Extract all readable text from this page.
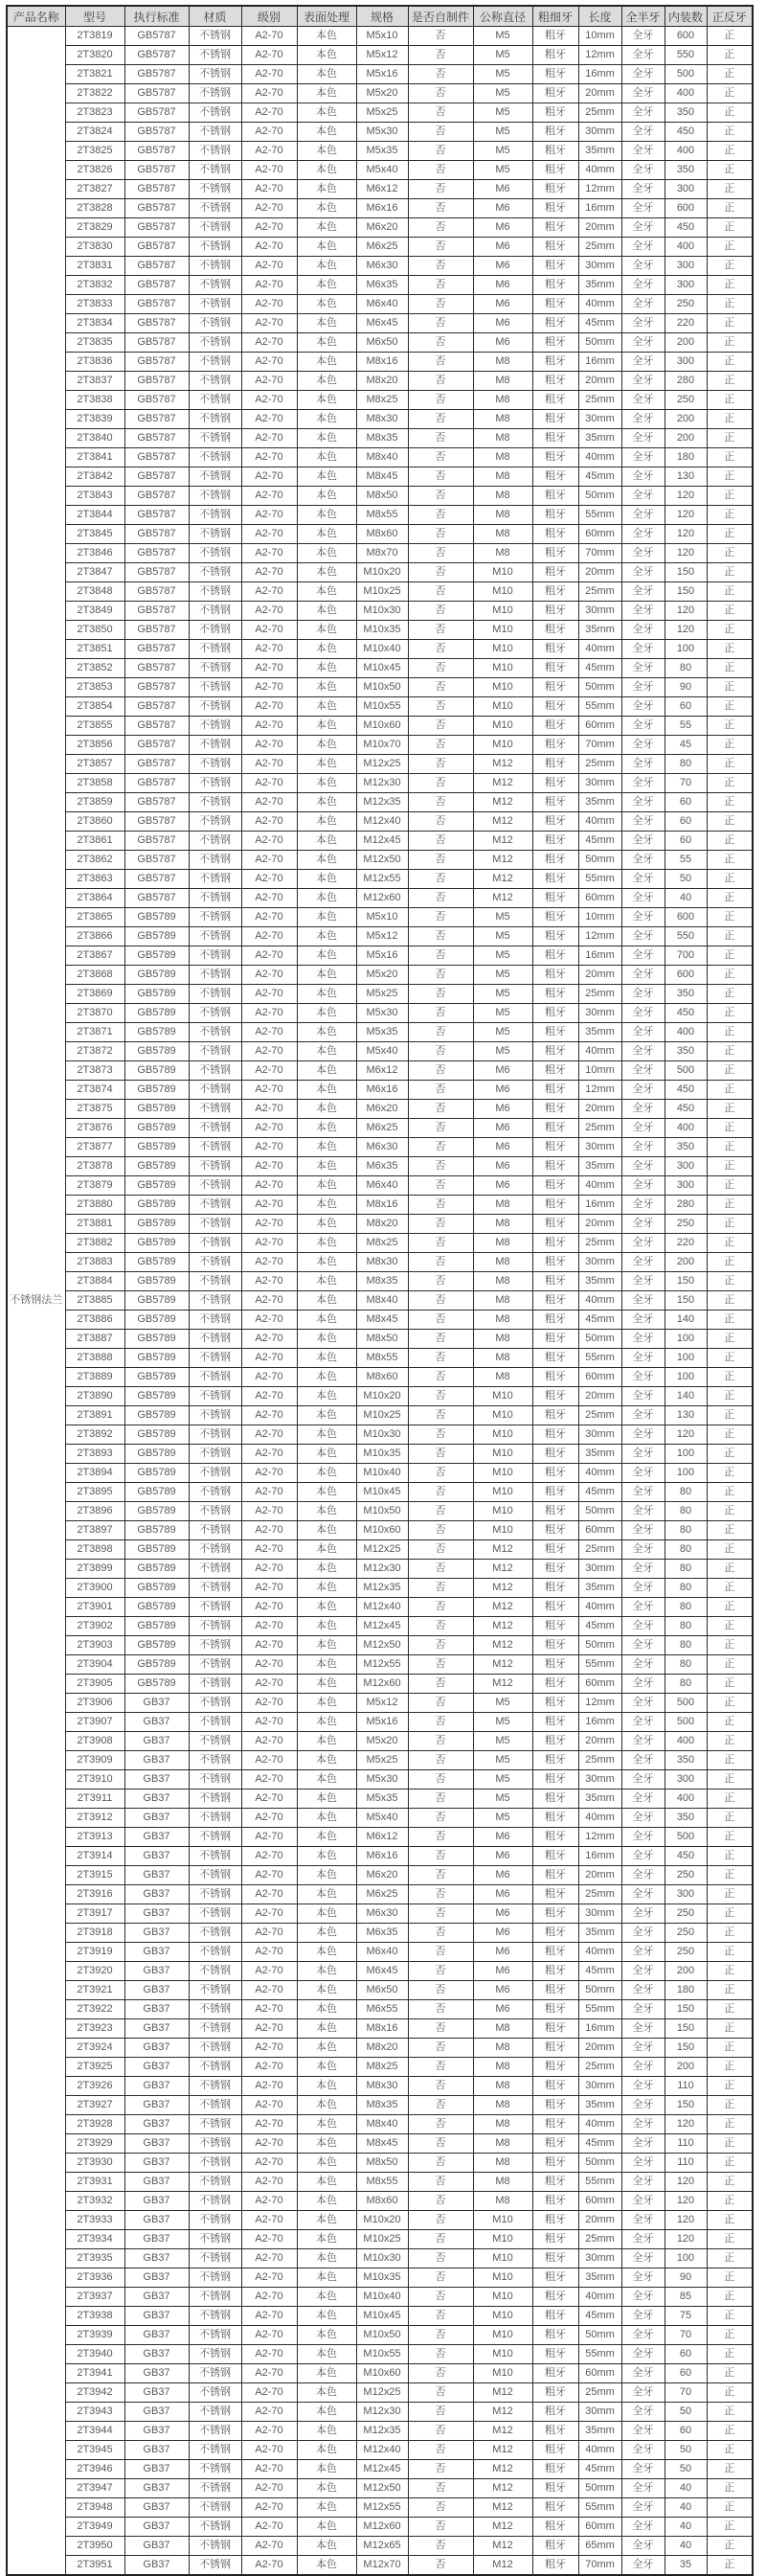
产品名称	型号	执行标准	材质	级别	表面处理	规格	是否自制件	公称直径	粗细牙	长度	全半牙	内装数	正反牙
不锈钢法兰	2T3819	GB5787	不锈钢	A2-70	本色	M5x10	否	M5	粗牙	10mm	全牙	600	正
	2T3820	GB5787	不锈钢	A2-70	本色	M5x12	否	M5	粗牙	12mm	全牙	550	正
	2T3821	GB5787	不锈钢	A2-70	本色	M5x16	否	M5	粗牙	16mm	全牙	500	正
	2T3822	GB5787	不锈钢	A2-70	本色	M5x20	否	M5	粗牙	20mm	全牙	400	正
	2T3823	GB5787	不锈钢	A2-70	本色	M5x25	否	M5	粗牙	25mm	全牙	350	正
	2T3824	GB5787	不锈钢	A2-70	本色	M5x30	否	M5	粗牙	30mm	全牙	450	正
	2T3825	GB5787	不锈钢	A2-70	本色	M5x35	否	M5	粗牙	35mm	全牙	400	正
	2T3826	GB5787	不锈钢	A2-70	本色	M5x40	否	M5	粗牙	40mm	全牙	350	正
	2T3827	GB5787	不锈钢	A2-70	本色	M6x12	否	M6	粗牙	12mm	全牙	300	正
	2T3828	GB5787	不锈钢	A2-70	本色	M6x16	否	M6	粗牙	16mm	全牙	600	正
	2T3829	GB5787	不锈钢	A2-70	本色	M6x20	否	M6	粗牙	20mm	全牙	450	正
	2T3830	GB5787	不锈钢	A2-70	本色	M6x25	否	M6	粗牙	25mm	全牙	400	正
	2T3831	GB5787	不锈钢	A2-70	本色	M6x30	否	M6	粗牙	30mm	全牙	300	正
	2T3832	GB5787	不锈钢	A2-70	本色	M6x35	否	M6	粗牙	35mm	全牙	300	正
	2T3833	GB5787	不锈钢	A2-70	本色	M6x40	否	M6	粗牙	40mm	全牙	250	正
	2T3834	GB5787	不锈钢	A2-70	本色	M6x45	否	M6	粗牙	45mm	全牙	220	正
	2T3835	GB5787	不锈钢	A2-70	本色	M6x50	否	M6	粗牙	50mm	全牙	200	正
	2T3836	GB5787	不锈钢	A2-70	本色	M8x16	否	M8	粗牙	16mm	全牙	300	正
	2T3837	GB5787	不锈钢	A2-70	本色	M8x20	否	M8	粗牙	20mm	全牙	280	正
	2T3838	GB5787	不锈钢	A2-70	本色	M8x25	否	M8	粗牙	25mm	全牙	250	正
	2T3839	GB5787	不锈钢	A2-70	本色	M8x30	否	M8	粗牙	30mm	全牙	200	正
	2T3840	GB5787	不锈钢	A2-70	本色	M8x35	否	M8	粗牙	35mm	全牙	200	正
	2T3841	GB5787	不锈钢	A2-70	本色	M8x40	否	M8	粗牙	40mm	全牙	180	正
	2T3842	GB5787	不锈钢	A2-70	本色	M8x45	否	M8	粗牙	45mm	全牙	130	正
	2T3843	GB5787	不锈钢	A2-70	本色	M8x50	否	M8	粗牙	50mm	全牙	120	正
	2T3844	GB5787	不锈钢	A2-70	本色	M8x55	否	M8	粗牙	55mm	全牙	120	正
	2T3845	GB5787	不锈钢	A2-70	本色	M8x60	否	M8	粗牙	60mm	全牙	120	正
	2T3846	GB5787	不锈钢	A2-70	本色	M8x70	否	M8	粗牙	70mm	全牙	120	正
	2T3847	GB5787	不锈钢	A2-70	本色	M10x20	否	M10	粗牙	20mm	全牙	150	正
	2T3848	GB5787	不锈钢	A2-70	本色	M10x25	否	M10	粗牙	25mm	全牙	150	正
	2T3849	GB5787	不锈钢	A2-70	本色	M10x30	否	M10	粗牙	30mm	全牙	120	正
	2T3850	GB5787	不锈钢	A2-70	本色	M10x35	否	M10	粗牙	35mm	全牙	120	正
	2T3851	GB5787	不锈钢	A2-70	本色	M10x40	否	M10	粗牙	40mm	全牙	100	正
	2T3852	GB5787	不锈钢	A2-70	本色	M10x45	否	M10	粗牙	45mm	全牙	80	正
	2T3853	GB5787	不锈钢	A2-70	本色	M10x50	否	M10	粗牙	50mm	全牙	90	正
	2T3854	GB5787	不锈钢	A2-70	本色	M10x55	否	M10	粗牙	55mm	全牙	60	正
	2T3855	GB5787	不锈钢	A2-70	本色	M10x60	否	M10	粗牙	60mm	全牙	55	正
	2T3856	GB5787	不锈钢	A2-70	本色	M10x70	否	M10	粗牙	70mm	全牙	45	正
	2T3857	GB5787	不锈钢	A2-70	本色	M12x25	否	M12	粗牙	25mm	全牙	80	正
	2T3858	GB5787	不锈钢	A2-70	本色	M12x30	否	M12	粗牙	30mm	全牙	70	正
	2T3859	GB5787	不锈钢	A2-70	本色	M12x35	否	M12	粗牙	35mm	全牙	60	正
	2T3860	GB5787	不锈钢	A2-70	本色	M12x40	否	M12	粗牙	40mm	全牙	60	正
	2T3861	GB5787	不锈钢	A2-70	本色	M12x45	否	M12	粗牙	45mm	全牙	60	正
	2T3862	GB5787	不锈钢	A2-70	本色	M12x50	否	M12	粗牙	50mm	全牙	55	正
	2T3863	GB5787	不锈钢	A2-70	本色	M12x55	否	M12	粗牙	55mm	全牙	50	正
	2T3864	GB5787	不锈钢	A2-70	本色	M12x60	否	M12	粗牙	60mm	全牙	40	正
	2T3865	GB5789	不锈钢	A2-70	本色	M5x10	否	M5	粗牙	10mm	全牙	600	正
	2T3866	GB5789	不锈钢	A2-70	本色	M5x12	否	M5	粗牙	12mm	全牙	550	正
	2T3867	GB5789	不锈钢	A2-70	本色	M5x16	否	M5	粗牙	16mm	全牙	700	正
	2T3868	GB5789	不锈钢	A2-70	本色	M5x20	否	M5	粗牙	20mm	全牙	600	正
	2T3869	GB5789	不锈钢	A2-70	本色	M5x25	否	M5	粗牙	25mm	全牙	350	正
	2T3870	GB5789	不锈钢	A2-70	本色	M5x30	否	M5	粗牙	30mm	全牙	450	正
	2T3871	GB5789	不锈钢	A2-70	本色	M5x35	否	M5	粗牙	35mm	全牙	400	正
	2T3872	GB5789	不锈钢	A2-70	本色	M5x40	否	M5	粗牙	40mm	全牙	350	正
	2T3873	GB5789	不锈钢	A2-70	本色	M6x12	否	M6	粗牙	10mm	全牙	500	正
	2T3874	GB5789	不锈钢	A2-70	本色	M6x16	否	M6	粗牙	12mm	全牙	450	正
	2T3875	GB5789	不锈钢	A2-70	本色	M6x20	否	M6	粗牙	20mm	全牙	450	正
	2T3876	GB5789	不锈钢	A2-70	本色	M6x25	否	M6	粗牙	25mm	全牙	400	正
	2T3877	GB5789	不锈钢	A2-70	本色	M6x30	否	M6	粗牙	30mm	全牙	350	正
	2T3878	GB5789	不锈钢	A2-70	本色	M6x35	否	M6	粗牙	35mm	全牙	300	正
	2T3879	GB5789	不锈钢	A2-70	本色	M6x40	否	M6	粗牙	40mm	全牙	300	正
	2T3880	GB5789	不锈钢	A2-70	本色	M8x16	否	M8	粗牙	16mm	全牙	280	正
	2T3881	GB5789	不锈钢	A2-70	本色	M8x20	否	M8	粗牙	20mm	全牙	250	正
	2T3882	GB5789	不锈钢	A2-70	本色	M8x25	否	M8	粗牙	25mm	全牙	220	正
	2T3883	GB5789	不锈钢	A2-70	本色	M8x30	否	M8	粗牙	30mm	全牙	200	正
	2T3884	GB5789	不锈钢	A2-70	本色	M8x35	否	M8	粗牙	35mm	全牙	150	正
	2T3885	GB5789	不锈钢	A2-70	本色	M8x40	否	M8	粗牙	40mm	全牙	150	正
	2T3886	GB5789	不锈钢	A2-70	本色	M8x45	否	M8	粗牙	45mm	全牙	140	正
	2T3887	GB5789	不锈钢	A2-70	本色	M8x50	否	M8	粗牙	50mm	全牙	100	正
	2T3888	GB5789	不锈钢	A2-70	本色	M8x55	否	M8	粗牙	55mm	全牙	100	正
	2T3889	GB5789	不锈钢	A2-70	本色	M8x60	否	M8	粗牙	60mm	全牙	100	正
	2T3890	GB5789	不锈钢	A2-70	本色	M10x20	否	M10	粗牙	20mm	全牙	140	正
	2T3891	GB5789	不锈钢	A2-70	本色	M10x25	否	M10	粗牙	25mm	全牙	130	正
	2T3892	GB5789	不锈钢	A2-70	本色	M10x30	否	M10	粗牙	30mm	全牙	120	正
	2T3893	GB5789	不锈钢	A2-70	本色	M10x35	否	M10	粗牙	35mm	全牙	100	正
	2T3894	GB5789	不锈钢	A2-70	本色	M10x40	否	M10	粗牙	40mm	全牙	100	正
	2T3895	GB5789	不锈钢	A2-70	本色	M10x45	否	M10	粗牙	45mm	全牙	80	正
	2T3896	GB5789	不锈钢	A2-70	本色	M10x50	否	M10	粗牙	50mm	全牙	80	正
	2T3897	GB5789	不锈钢	A2-70	本色	M10x60	否	M10	粗牙	60mm	全牙	80	正
	2T3898	GB5789	不锈钢	A2-70	本色	M12x25	否	M12	粗牙	25mm	全牙	80	正
	2T3899	GB5789	不锈钢	A2-70	本色	M12x30	否	M12	粗牙	30mm	全牙	80	正
	2T3900	GB5789	不锈钢	A2-70	本色	M12x35	否	M12	粗牙	35mm	全牙	80	正
	2T3901	GB5789	不锈钢	A2-70	本色	M12x40	否	M12	粗牙	40mm	全牙	80	正
	2T3902	GB5789	不锈钢	A2-70	本色	M12x45	否	M12	粗牙	45mm	全牙	80	正
	2T3903	GB5789	不锈钢	A2-70	本色	M12x50	否	M12	粗牙	50mm	全牙	80	正
	2T3904	GB5789	不锈钢	A2-70	本色	M12x55	否	M12	粗牙	55mm	全牙	80	正
	2T3905	GB5789	不锈钢	A2-70	本色	M12x60	否	M12	粗牙	60mm	全牙	80	正
	2T3906	GB37	不锈钢	A2-70	本色	M5x12	否	M5	粗牙	12mm	全牙	500	正
	2T3907	GB37	不锈钢	A2-70	本色	M5x16	否	M5	粗牙	16mm	全牙	500	正
	2T3908	GB37	不锈钢	A2-70	本色	M5x20	否	M5	粗牙	20mm	全牙	400	正
	2T3909	GB37	不锈钢	A2-70	本色	M5x25	否	M5	粗牙	25mm	全牙	350	正
	2T3910	GB37	不锈钢	A2-70	本色	M5x30	否	M5	粗牙	30mm	全牙	300	正
	2T3911	GB37	不锈钢	A2-70	本色	M5x35	否	M5	粗牙	35mm	全牙	400	正
	2T3912	GB37	不锈钢	A2-70	本色	M5x40	否	M5	粗牙	40mm	全牙	350	正
	2T3913	GB37	不锈钢	A2-70	本色	M6x12	否	M6	粗牙	12mm	全牙	500	正
	2T3914	GB37	不锈钢	A2-70	本色	M6x16	否	M6	粗牙	16mm	全牙	450	正
	2T3915	GB37	不锈钢	A2-70	本色	M6x20	否	M6	粗牙	20mm	全牙	250	正
	2T3916	GB37	不锈钢	A2-70	本色	M6x25	否	M6	粗牙	25mm	全牙	300	正
	2T3917	GB37	不锈钢	A2-70	本色	M6x30	否	M6	粗牙	30mm	全牙	250	正
	2T3918	GB37	不锈钢	A2-70	本色	M6x35	否	M6	粗牙	35mm	全牙	250	正
	2T3919	GB37	不锈钢	A2-70	本色	M6x40	否	M6	粗牙	40mm	全牙	250	正
	2T3920	GB37	不锈钢	A2-70	本色	M6x45	否	M6	粗牙	45mm	全牙	200	正
	2T3921	GB37	不锈钢	A2-70	本色	M6x50	否	M6	粗牙	50mm	全牙	180	正
	2T3922	GB37	不锈钢	A2-70	本色	M6x55	否	M6	粗牙	55mm	全牙	150	正
	2T3923	GB37	不锈钢	A2-70	本色	M8x16	否	M8	粗牙	16mm	全牙	150	正
	2T3924	GB37	不锈钢	A2-70	本色	M8x20	否	M8	粗牙	20mm	全牙	150	正
	2T3925	GB37	不锈钢	A2-70	本色	M8x25	否	M8	粗牙	25mm	全牙	200	正
	2T3926	GB37	不锈钢	A2-70	本色	M8x30	否	M8	粗牙	30mm	全牙	110	正
	2T3927	GB37	不锈钢	A2-70	本色	M8x35	否	M8	粗牙	35mm	全牙	150	正
	2T3928	GB37	不锈钢	A2-70	本色	M8x40	否	M8	粗牙	40mm	全牙	120	正
	2T3929	GB37	不锈钢	A2-70	本色	M8x45	否	M8	粗牙	45mm	全牙	110	正
	2T3930	GB37	不锈钢	A2-70	本色	M8x50	否	M8	粗牙	50mm	全牙	110	正
	2T3931	GB37	不锈钢	A2-70	本色	M8x55	否	M8	粗牙	55mm	全牙	120	正
	2T3932	GB37	不锈钢	A2-70	本色	M8x60	否	M8	粗牙	60mm	全牙	120	正
	2T3933	GB37	不锈钢	A2-70	本色	M10x20	否	M10	粗牙	20mm	全牙	120	正
	2T3934	GB37	不锈钢	A2-70	本色	M10x25	否	M10	粗牙	25mm	全牙	120	正
	2T3935	GB37	不锈钢	A2-70	本色	M10x30	否	M10	粗牙	30mm	全牙	100	正
	2T3936	GB37	不锈钢	A2-70	本色	M10x35	否	M10	粗牙	35mm	全牙	90	正
	2T3937	GB37	不锈钢	A2-70	本色	M10x40	否	M10	粗牙	40mm	全牙	85	正
	2T3938	GB37	不锈钢	A2-70	本色	M10x45	否	M10	粗牙	45mm	全牙	75	正
	2T3939	GB37	不锈钢	A2-70	本色	M10x50	否	M10	粗牙	50mm	全牙	70	正
	2T3940	GB37	不锈钢	A2-70	本色	M10x55	否	M10	粗牙	55mm	全牙	60	正
	2T3941	GB37	不锈钢	A2-70	本色	M10x60	否	M10	粗牙	60mm	全牙	60	正
	2T3942	GB37	不锈钢	A2-70	本色	M12x25	否	M12	粗牙	25mm	全牙	70	正
	2T3943	GB37	不锈钢	A2-70	本色	M12x30	否	M12	粗牙	30mm	全牙	50	正
	2T3944	GB37	不锈钢	A2-70	本色	M12x35	否	M12	粗牙	35mm	全牙	60	正
	2T3945	GB37	不锈钢	A2-70	本色	M12x40	否	M12	粗牙	40mm	全牙	50	正
	2T3946	GB37	不锈钢	A2-70	本色	M12x45	否	M12	粗牙	45mm	全牙	50	正
	2T3947	GB37	不锈钢	A2-70	本色	M12x50	否	M12	粗牙	50mm	全牙	40	正
	2T3948	GB37	不锈钢	A2-70	本色	M12x55	否	M12	粗牙	55mm	全牙	40	正
	2T3949	GB37	不锈钢	A2-70	本色	M12x60	否	M12	粗牙	60mm	全牙	40	正
	2T3950	GB37	不锈钢	A2-70	本色	M12x65	否	M12	粗牙	65mm	全牙	40	正
	2T3951	GB37	不锈钢	A2-70	本色	M12x70	否	M12	粗牙	70mm	全牙	35	正
